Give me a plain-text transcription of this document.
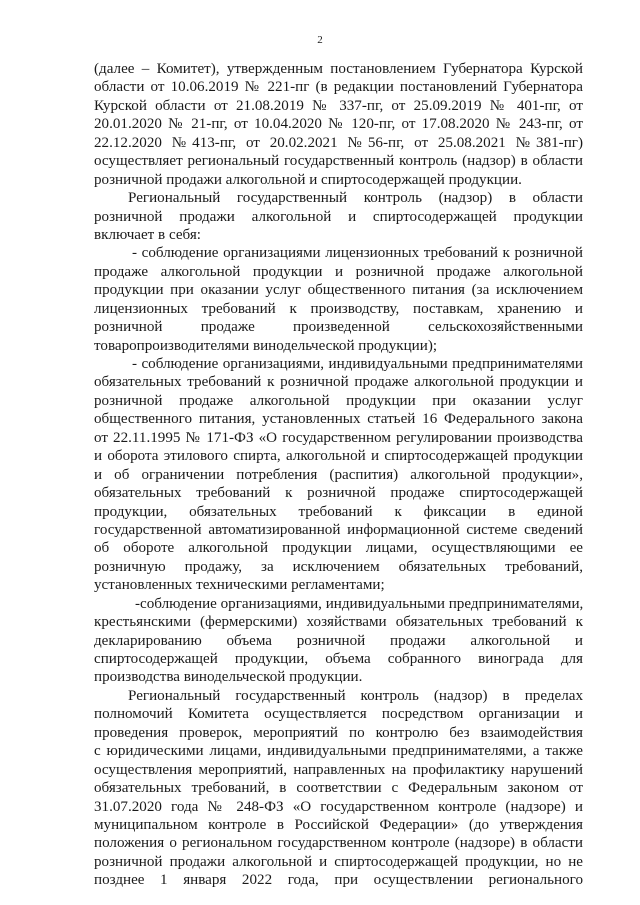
2
(далее – Комитет), утвержденным постановлением Губернатора Курской
области от 10.06.2019 № 221-пг (в редакции постановлений Губернатора
Курской области от 21.08.2019 № 337-пг, от 25.09.2019 № 401-пг, от
20.01.2020 № 21-пг, от 10.04.2020 № 120-пг, от 17.08.2020 № 243-пг, от
22.12.2020 №413-пг, от 20.02.2021 №56-пг, от 25.08.2021 №381-пг)
осуществляет региональный государственный контроль (надзор) в области
розничной продажи алкогольной и спиртосодержащей продукции.
Региональный государственный контроль (надзор) в области
розничной продажи алкогольной и спиртосодержащей продукции
включает в себя:
- соблюдение организациями лицензионных требований к розничной
продаже алкогольной продукции и розничной продаже алкогольной
продукции при оказании услуг общественного питания (за исключением
лицензионных требований к производству, поставкам, хранению и
розничной продаже произведенной сельскохозяйственными
товаропроизводителями винодельческой продукции);
- соблюдение организациями, индивидуальными предпринимателями
обязательных требований к розничной продаже алкогольной продукции и
розничной продаже алкогольной продукции при оказании услуг
общественного питания, установленных статьей 16 Федерального закона
от 22.11.1995 № 171-ФЗ «О государственном регулировании производства
и оборота этилового спирта, алкогольной и спиртосодержащей продукции
и об ограничении потребления (распития) алкогольной продукции»,
обязательных требований к розничной продаже спиртосодержащей
продукции, обязательных требований к фиксации в единой
государственной автоматизированной информационной системе сведений
об обороте алкогольной продукции лицами, осуществляющими ее
розничную продажу, за исключением обязательных требований,
установленных техническими регламентами;
-соблюдение организациями, индивидуальными предпринимателями,
крестьянскими (фермерскими) хозяйствами обязательных требований к
декларированию объема розничной продажи алкогольной и
спиртосодержащей продукции, объема собранного винограда для
производства винодельческой продукции.
Региональный государственный контроль (надзор) в пределах
полномочий Комитета осуществляется посредством организации и
проведения проверок, мероприятий по контролю без взаимодействия
с юридическими лицами, индивидуальными предпринимателями, а также
осуществления мероприятий, направленных на профилактику нарушений
обязательных требований, в соответствии с Федеральным законом от
31.07.2020 года № 248-ФЗ «О государственном контроле (надзоре) и
муниципальном контроле в Российской Федерации» (до утверждения
положения о региональном государственном контроле (надзоре) в области
розничной продажи алкогольной и спиртосодержащей продукции, но не
позднее 1 января 2022 года, при осуществлении регионального
